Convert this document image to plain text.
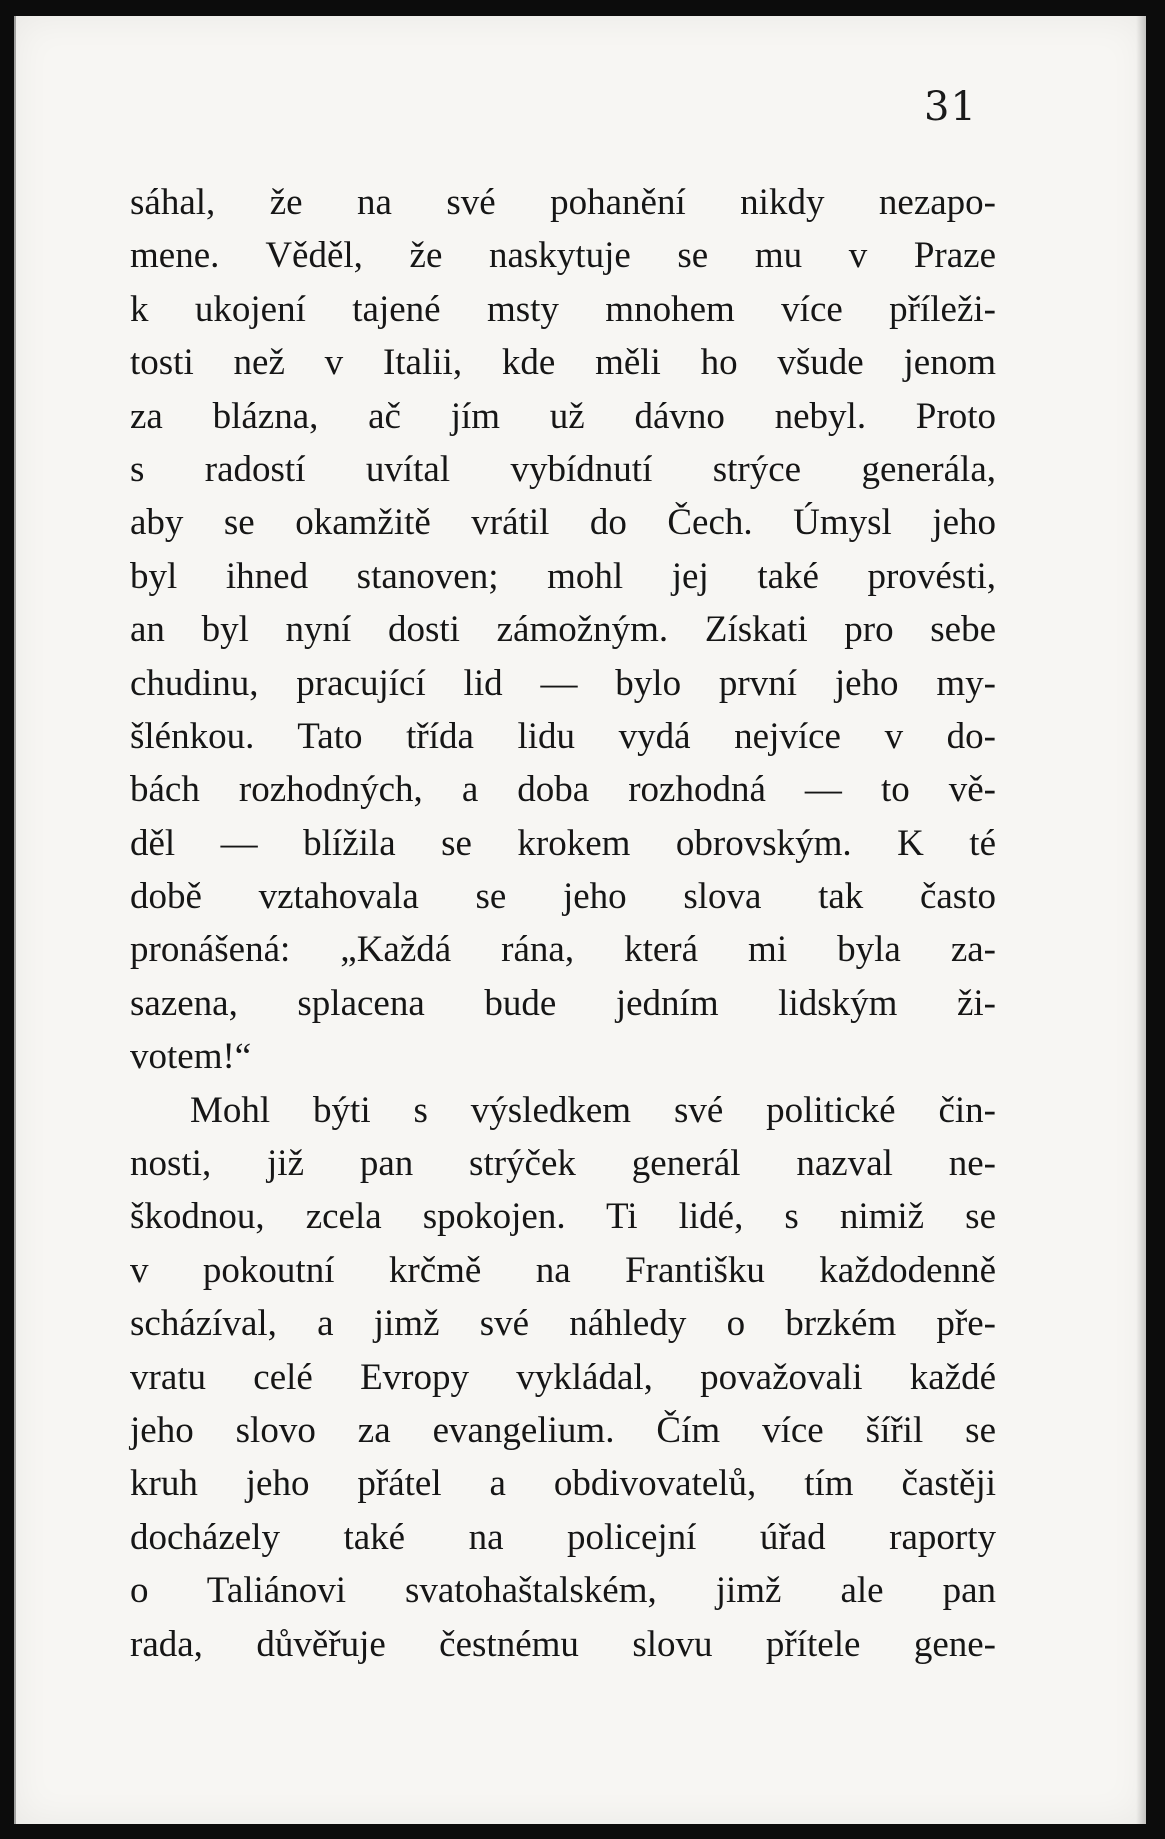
31
sáhal, že na své pohanění nikdy nezapo-
mene. Věděl, že naskytuje se mu v Praze
k ukojení tajené msty mnohem více příleži-
tosti než v Italii, kde měli ho všude jenom
za blázna, ač jím už dávno nebyl. Proto
s radostí uvítal vybídnutí strýce generála,
aby se okamžitě vrátil do Čech. Úmysl jeho
byl ihned stanoven; mohl jej také provésti,
an byl nyní dosti zámožným. Získati pro sebe
chudinu, pracující lid — bylo první jeho my-
šlénkou. Tato třída lidu vydá nejvíce v do-
bách rozhodných, a doba rozhodná — to vě-
děl — blížila se krokem obrovským. K té
době vztahovala se jeho slova tak často
pronášená: „Každá rána, která mi byla za-
sazena, splacena bude jedním lidským ži-
votem!“
Mohl býti s výsledkem své politické čin-
nosti, již pan strýček generál nazval ne-
škodnou, zcela spokojen. Ti lidé, s nimiž se
v pokoutní krčmě na Františku každodenně
scházíval, a jimž své náhledy o brzkém pře-
vratu celé Evropy vykládal, považovali každé
jeho slovo za evangelium. Čím více šířil se
kruh jeho přátel a obdivovatelů, tím častěji
docházely také na policejní úřad raporty
o Taliánovi svatohaštalském, jimž ale pan
rada, důvěřuje čestnému slovu přítele gene-
